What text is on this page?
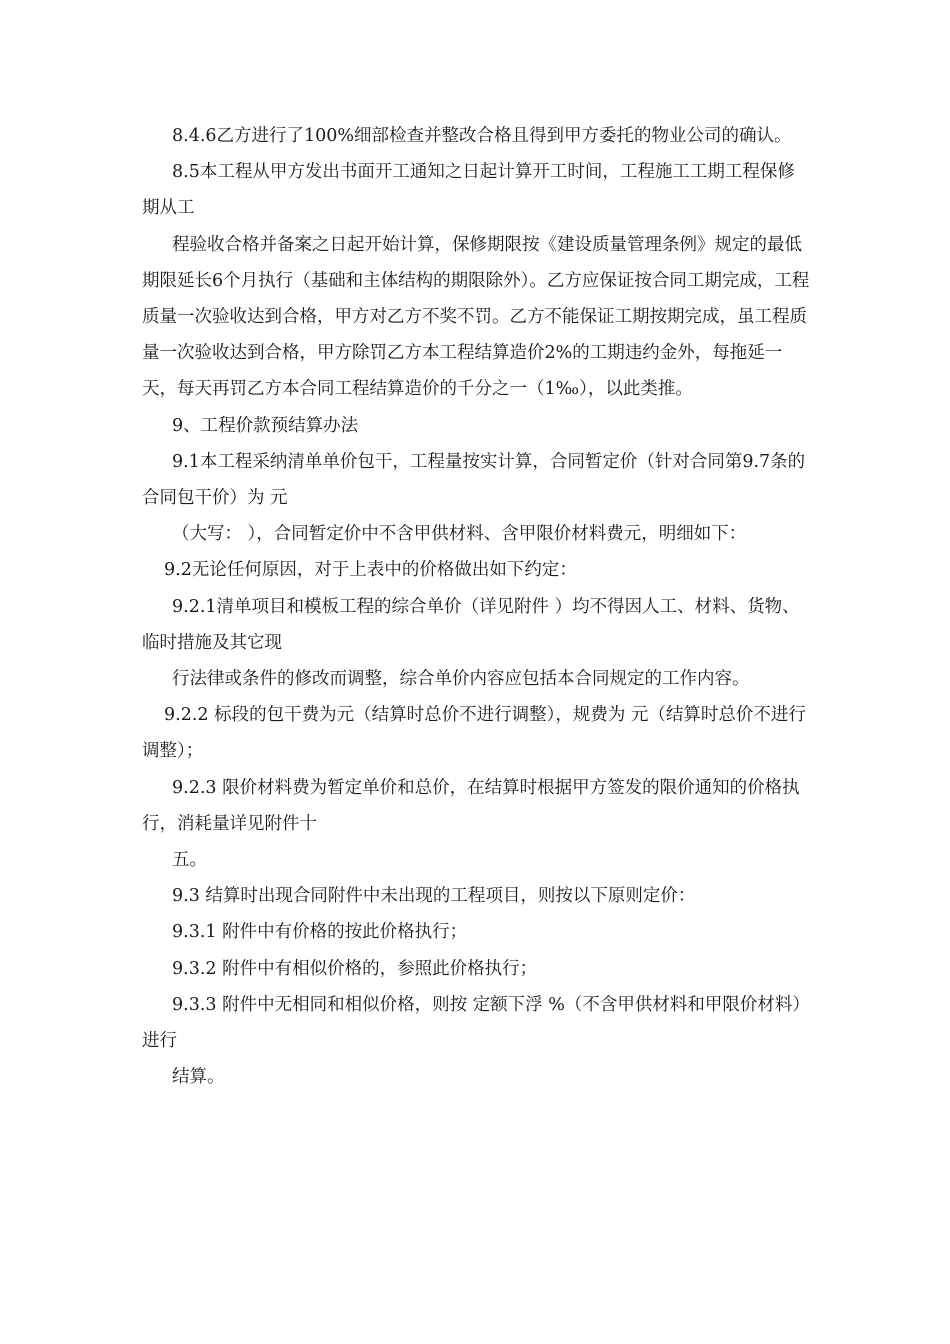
8.4.6乙方进行了100%细部检查并整改合格且得到甲方委托的物业公司的确认。

8.5本工程从甲方发出书面开工通知之日起计算开工时间，工程施工工期工程保修期从工

程验收合格并备案之日起开始计算，保修期限按《建设质量管理条例》规定的最低期限延长6个月执行（基础和主体结构的期限除外）。乙方应保证按合同工期完成，工程质量一次验收达到合格，甲方对乙方不奖不罚。乙方不能保证工期按期完成，虽工程质量一次验收达到合格，甲方除罚乙方本工程结算造价2%的工期违约金外，每拖延一天，每天再罚乙方本合同工程结算造价的千分之一（1‰），以此类推。

9、工程价款预结算办法

9.1本工程采纳清单单价包干，工程量按实计算，合同暂定价（针对合同第9.7条的合同包干价）为 元

（大写： ），合同暂定价中不含甲供材料、含甲限价材料费元，明细如下：

9.2无论任何原因，对于上表中的价格做出如下约定：

9.2.1清单项目和模板工程的综合单价（详见附件 ）均不得因人工、材料、货物、临时措施及其它现

行法律或条件的修改而调整，综合单价内容应包括本合同规定的工作内容。

9.2.2 标段的包干费为元（结算时总价不进行调整），规费为 元（结算时总价不进行调整）；

9.2.3 限价材料费为暂定单价和总价，在结算时根据甲方签发的限价通知的价格执行，消耗量详见附件十

五。

9.3 结算时出现合同附件中未出现的工程项目，则按以下原则定价：

9.3.1 附件中有价格的按此价格执行；

9.3.2 附件中有相似价格的，参照此价格执行；

9.3.3 附件中无相同和相似价格，则按 定额下浮 %（不含甲供材料和甲限价材料）进行

结算。
